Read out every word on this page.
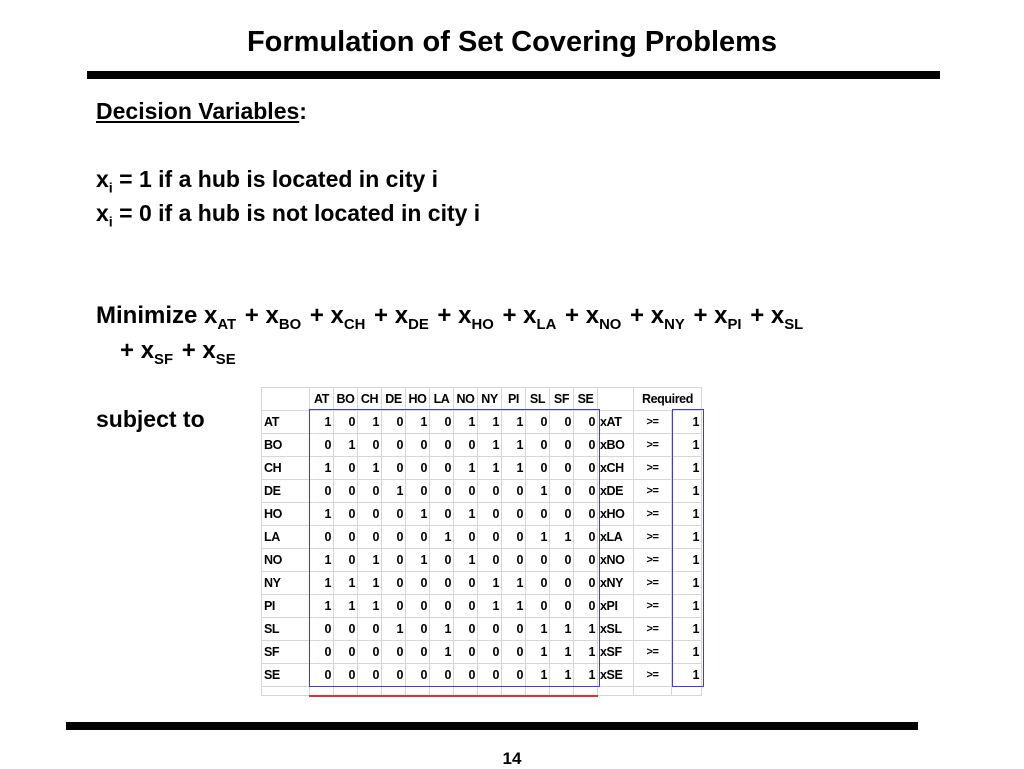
Formulation of Set Covering Problems
Decision Variables:
$x_i = 1$ if a hub is located in city i
$x_i = 0$ if a hub is not located in city i
Minimize $x_{AT} + x_{BO} + x_{CH} + x_{DE} + x_{HO} + x_{LA} + x_{NO} + x_{NY} + x_{PI} + x_{SL}$
+ $x_{SF} + x_{SE}$
subject to
	AT	BO	CH	DE	HO	LA	NO	NY	PI	SL	SF	SE		Required	
AT	1	0	1	0	1	0	1	1	1	0	0	0	xAT	>=	1
BO	0	1	0	0	0	0	0	1	1	0	0	0	xBO	>=	1
CH	1	0	1	0	0	0	1	1	1	0	0	0	xCH	>=	1
DE	0	0	0	1	0	0	0	0	0	1	0	0	xDE	>=	1
HO	1	0	0	0	1	0	1	0	0	0	0	0	xHO	>=	1
LA	0	0	0	0	0	1	0	0	0	1	1	0	xLA	>=	1
NO	1	0	1	0	1	0	1	0	0	0	0	0	xNO	>=	1
NY	1	1	1	0	0	0	0	1	1	0	0	0	xNY	>=	1
PI	1	1	1	0	0	0	0	1	1	0	0	0	xPI	>=	1
SL	0	0	0	1	0	1	0	0	0	1	1	1	xSL	>=	1
SF	0	0	0	0	0	1	0	0	0	1	1	1	xSF	>=	1
SE	0	0	0	0	0	0	0	0	0	1	1	1	xSE	>=	1

14
